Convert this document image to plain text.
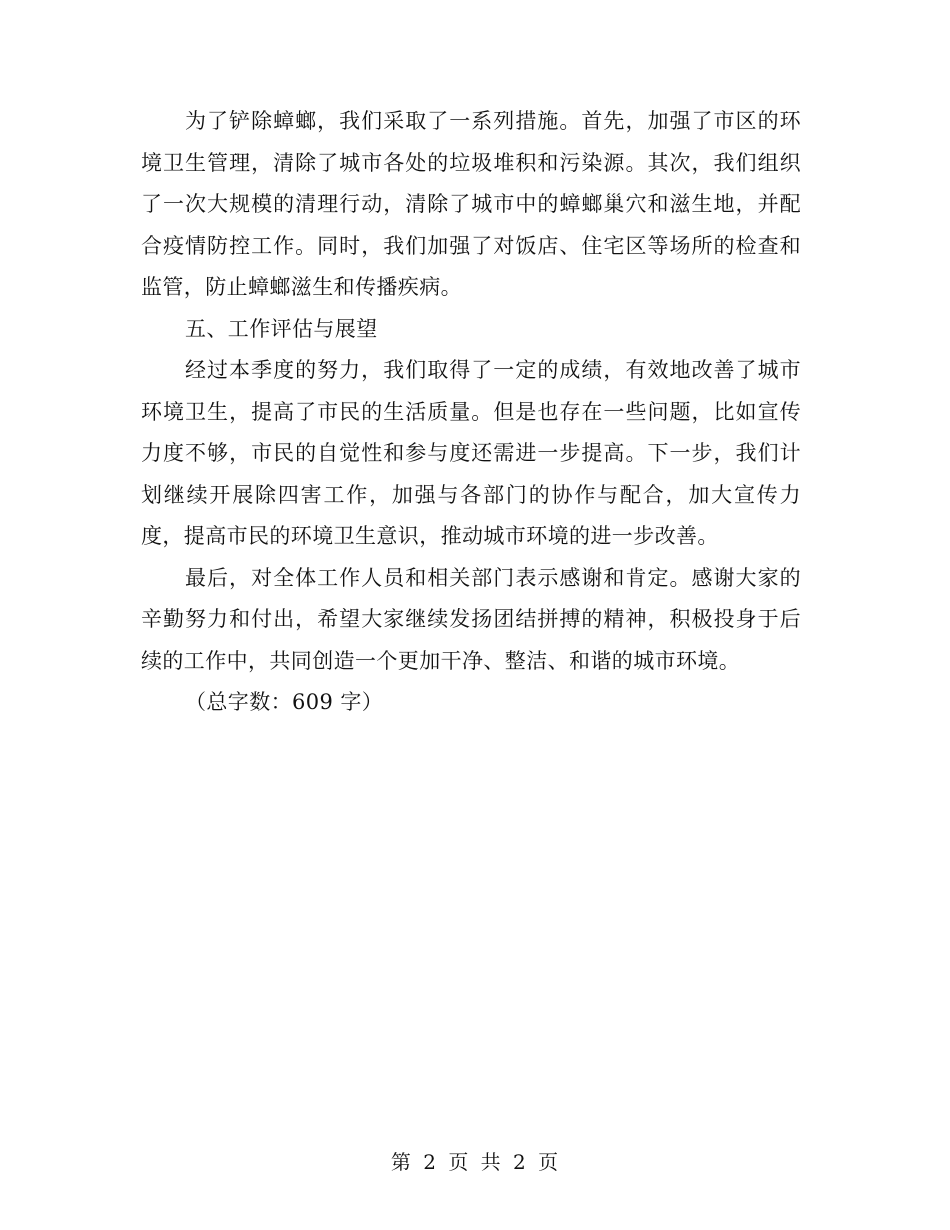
为了铲除蟑螂，我们采取了一系列措施。首先，加强了市区的环境卫生管理，清除了城市各处的垃圾堆积和污染源。其次，我们组织了一次大规模的清理行动，清除了城市中的蟑螂巢穴和滋生地，并配合疫情防控工作。同时，我们加强了对饭店、住宅区等场所的检查和监管，防止蟑螂滋生和传播疾病。

五、工作评估与展望

经过本季度的努力，我们取得了一定的成绩，有效地改善了城市环境卫生，提高了市民的生活质量。但是也存在一些问题，比如宣传力度不够，市民的自觉性和参与度还需进一步提高。下一步，我们计划继续开展除四害工作，加强与各部门的协作与配合，加大宣传力度，提高市民的环境卫生意识，推动城市环境的进一步改善。

最后，对全体工作人员和相关部门表示感谢和肯定。感谢大家的辛勤努力和付出，希望大家继续发扬团结拼搏的精神，积极投身于后续的工作中，共同创造一个更加干净、整洁、和谐的城市环境。

（总字数：609 字）

第 2 页 共 2 页
